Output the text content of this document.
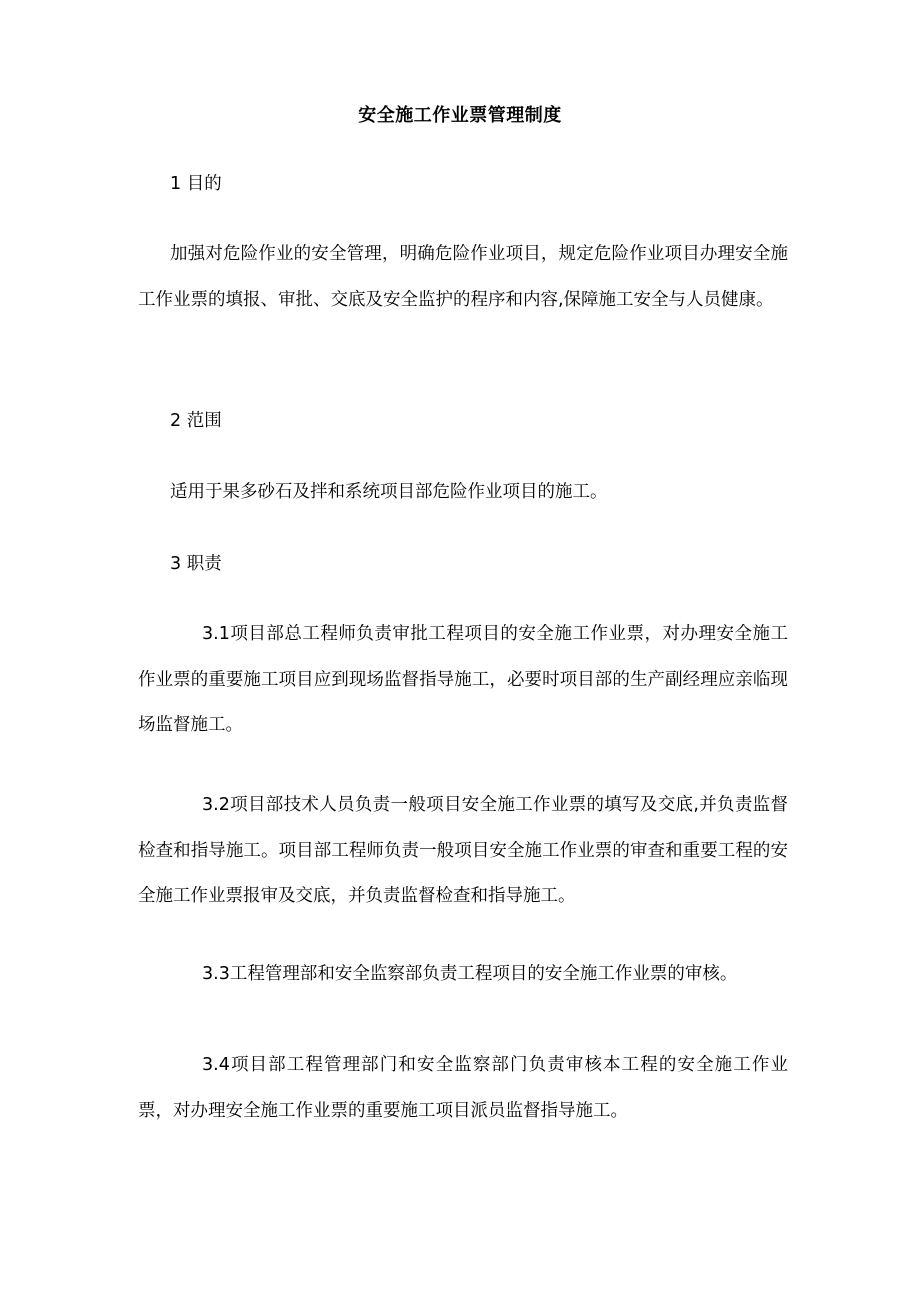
安全施工作业票管理制度
1 目的

加强对危险作业的安全管理，明确危险作业项目，规定危险作业项目办理安全施工作业票的填报、审批、交底及安全监护的程序和内容,保障施工安全与人员健康。

2 范围

适用于果多砂石及拌和系统项目部危险作业项目的施工。

3 职责

3.1项目部总工程师负责审批工程项目的安全施工作业票，对办理安全施工作业票的重要施工项目应到现场监督指导施工，必要时项目部的生产副经理应亲临现场监督施工。

3.2项目部技术人员负责一般项目安全施工作业票的填写及交底,并负责监督检查和指导施工。项目部工程师负责一般项目安全施工作业票的审查和重要工程的安全施工作业票报审及交底，并负责监督检查和指导施工。

3.3工程管理部和安全监察部负责工程项目的安全施工作业票的审核。

3.4项目部工程管理部门和安全监察部门负责审核本工程的安全施工作业票，对办理安全施工作业票的重要施工项目派员监督指导施工。
